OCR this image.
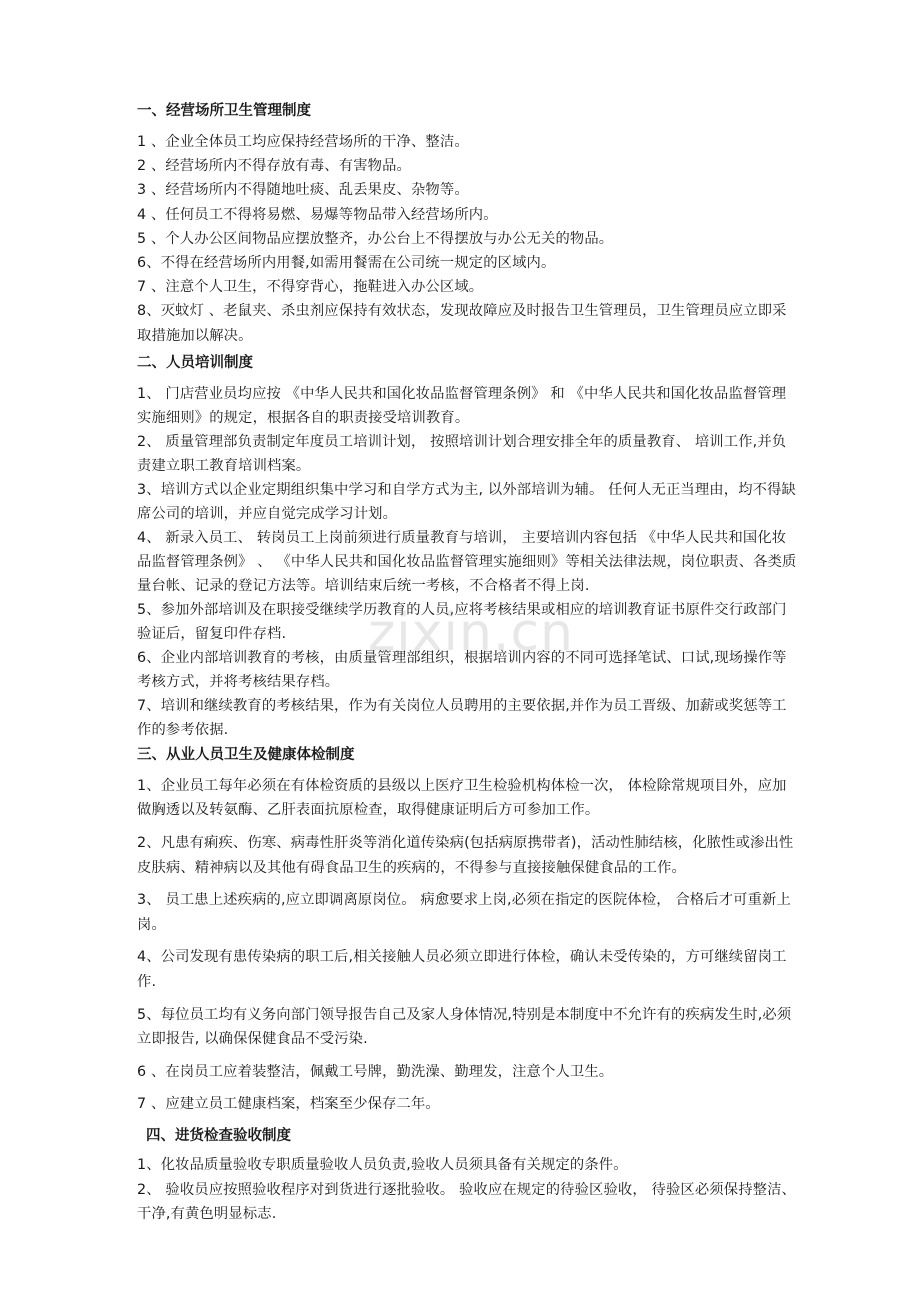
一、经营场所卫生管理制度

1 、企业全体员工均应保持经营场所的干净、整洁。

2 、经营场所内不得存放有毒、有害物品。

3 、经营场所内不得随地吐痰、乱丢果皮、杂物等。

4 、任何员工不得将易燃、易爆等物品带入经营场所内。

5 、个人办公区间物品应摆放整齐，办公台上不得摆放与办公无关的物品。

6、不得在经营场所内用餐,如需用餐需在公司统一规定的区域内。

7 、注意个人卫生，不得穿背心，拖鞋进入办公区域。

8、灭蚊灯 、老鼠夹、杀虫剂应保持有效状态，发现故障应及时报告卫生管理员，卫生管理员应立即采取措施加以解决。

二、人员培训制度

1、 门店营业员均应按 《中华人民共和国化妆品监督管理条例》 和 《中华人民共和国化妆品监督管理实施细则》的规定，根据各自的职责接受培训教育。

2、 质量管理部负责制定年度员工培训计划， 按照培训计划合理安排全年的质量教育、 培训工作,并负责建立职工教育培训档案。

3、培训方式以企业定期组织集中学习和自学方式为主, 以外部培训为辅。 任何人无正当理由，均不得缺席公司的培训，并应自觉完成学习计划。

4、 新录入员工、 转岗员工上岗前须进行质量教育与培训， 主要培训内容包括 《中华人民共和国化妆品监督管理条例》 、 《中华人民共和国化妆品监督管理实施细则》等相关法律法规，岗位职责、各类质量台帐、记录的登记方法等。培训结束后统一考核，不合格者不得上岗.

5、参加外部培训及在职接受继续学历教育的人员,应将考核结果或相应的培训教育证书原件交行政部门验证后，留复印件存档.

6、企业内部培训教育的考核，由质量管理部组织，根据培训内容的不同可选择笔试、口试,现场操作等考核方式，并将考核结果存档。

7、培训和继续教育的考核结果，作为有关岗位人员聘用的主要依据,并作为员工晋级、加薪或奖惩等工作的参考依据.

三、从业人员卫生及健康体检制度

1、企业员工每年必须在有体检资质的县级以上医疗卫生检验机构体检一次， 体检除常规项目外，应加做胸透以及转氨酶、乙肝表面抗原检查，取得健康证明后方可参加工作。

2、凡患有痢疾、伤寒、病毒性肝炎等消化道传染病(包括病原携带者)，活动性肺结核，化脓性或渗出性皮肤病、精神病以及其他有碍食品卫生的疾病的，不得参与直接接触保健食品的工作。

3、 员工患上述疾病的,应立即调离原岗位。 病愈要求上岗,必须在指定的医院体检， 合格后才可重新上岗。

4、公司发现有患传染病的职工后,相关接触人员必须立即进行体检，确认未受传染的，方可继续留岗工作.

5、每位员工均有义务向部门领导报告自己及家人身体情况,特别是本制度中不允许有的疾病发生时,必须立即报告, 以确保保健食品不受污染.

6 、在岗员工应着装整洁，佩戴工号牌，勤洗澡、勤理发，注意个人卫生。

7 、应建立员工健康档案，档案至少保存二年。

四、进货检查验收制度

1、化妆品质量验收专职质量验收人员负责,验收人员须具备有关规定的条件。

2、 验收员应按照验收程序对到货进行逐批验收。 验收应在规定的待验区验收， 待验区必须保持整洁、干净,有黄色明显标志.

zixin.cn
